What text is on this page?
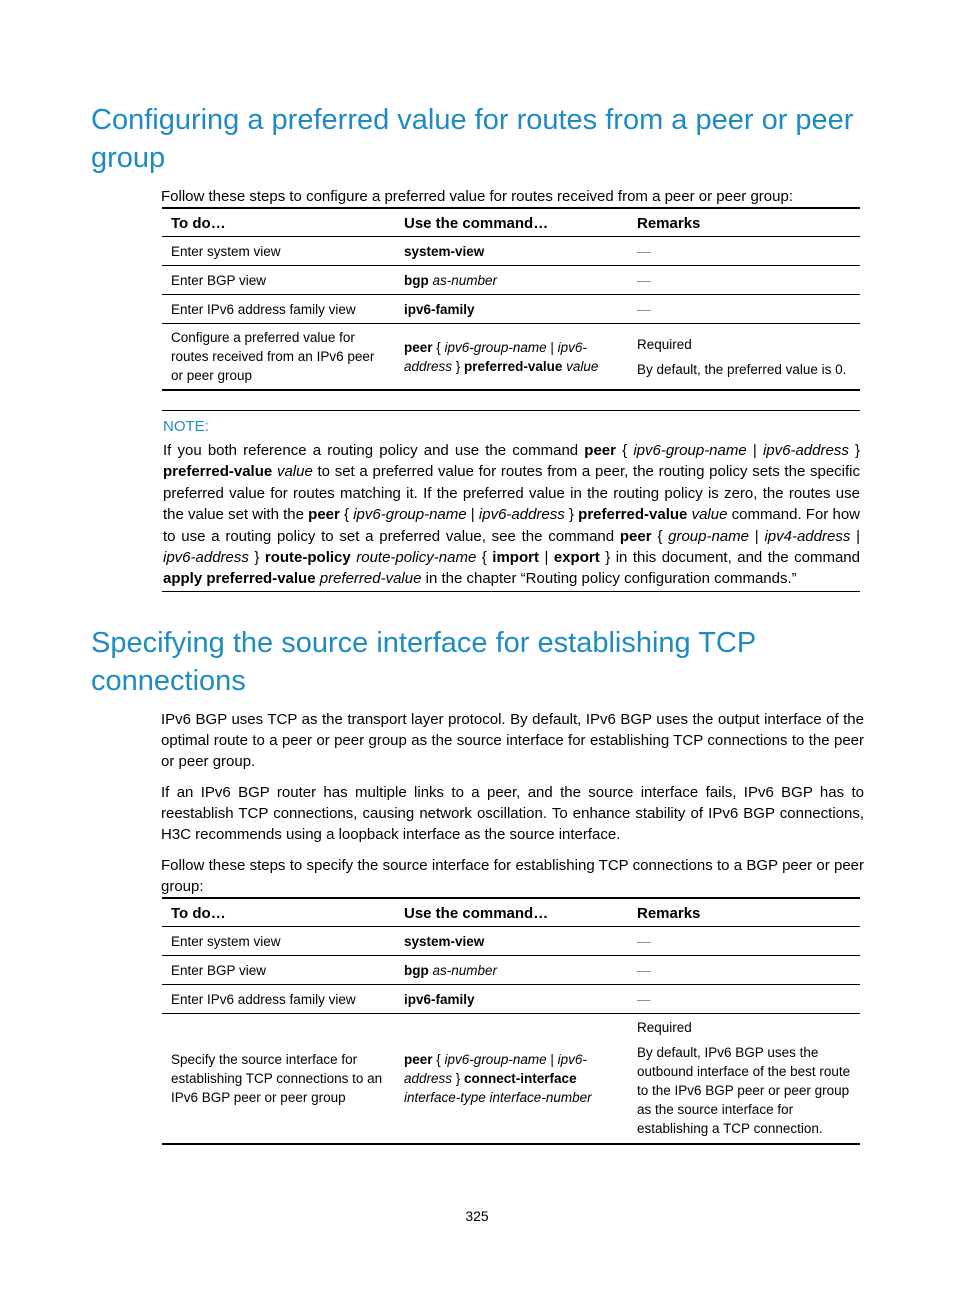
Configuring a preferred value for routes from a peer or peer
group

Follow these steps to configure a preferred value for routes received from a peer or peer group:

To do…	Use the command…	Remarks
Enter system view	system-view	—
Enter BGP view	bgp as-number	—
Enter IPv6 address family view	ipv6-family	—
Configure a preferred value for routes received from an IPv6 peer or peer group	peer { ipv6-group-name | ipv6-address } preferred-value value	Required

By default, the preferred value is 0.

NOTE:

If you both reference a routing policy and use the command peer { ipv6-group-name | ipv6-address } preferred-value value to set a preferred value for routes from a peer, the routing policy sets the specific preferred value for routes matching it. If the preferred value in the routing policy is zero, the routes use the value set with the peer { ipv6-group-name | ipv6-address } preferred-value value command. For how to use a routing policy to set a preferred value, see the command peer { group-name | ipv4-address | ipv6-address } route-policy route-policy-name { import | export } in this document, and the command apply preferred-value preferred-value in the chapter “Routing policy configuration commands.”

Specifying the source interface for establishing TCP
connections

IPv6 BGP uses TCP as the transport layer protocol. By default, IPv6 BGP uses the output interface of the optimal route to a peer or peer group as the source interface for establishing TCP connections to the peer or peer group.

If an IPv6 BGP router has multiple links to a peer, and the source interface fails, IPv6 BGP has to reestablish TCP connections, causing network oscillation. To enhance stability of IPv6 BGP connections, H3C recommends using a loopback interface as the source interface.

Follow these steps to specify the source interface for establishing TCP connections to a BGP peer or peer group:

To do…	Use the command…	Remarks
Enter system view	system-view	—
Enter BGP view	bgp as-number	—
Enter IPv6 address family view	ipv6-family	—
Specify the source interface for establishing TCP connections to an IPv6 BGP peer or peer group	peer { ipv6-group-name | ipv6-address } connect-interface interface-type interface-number	Required

By default, IPv6 BGP uses the outbound interface of the best route to the IPv6 BGP peer or peer group as the source interface for establishing a TCP connection.

325
